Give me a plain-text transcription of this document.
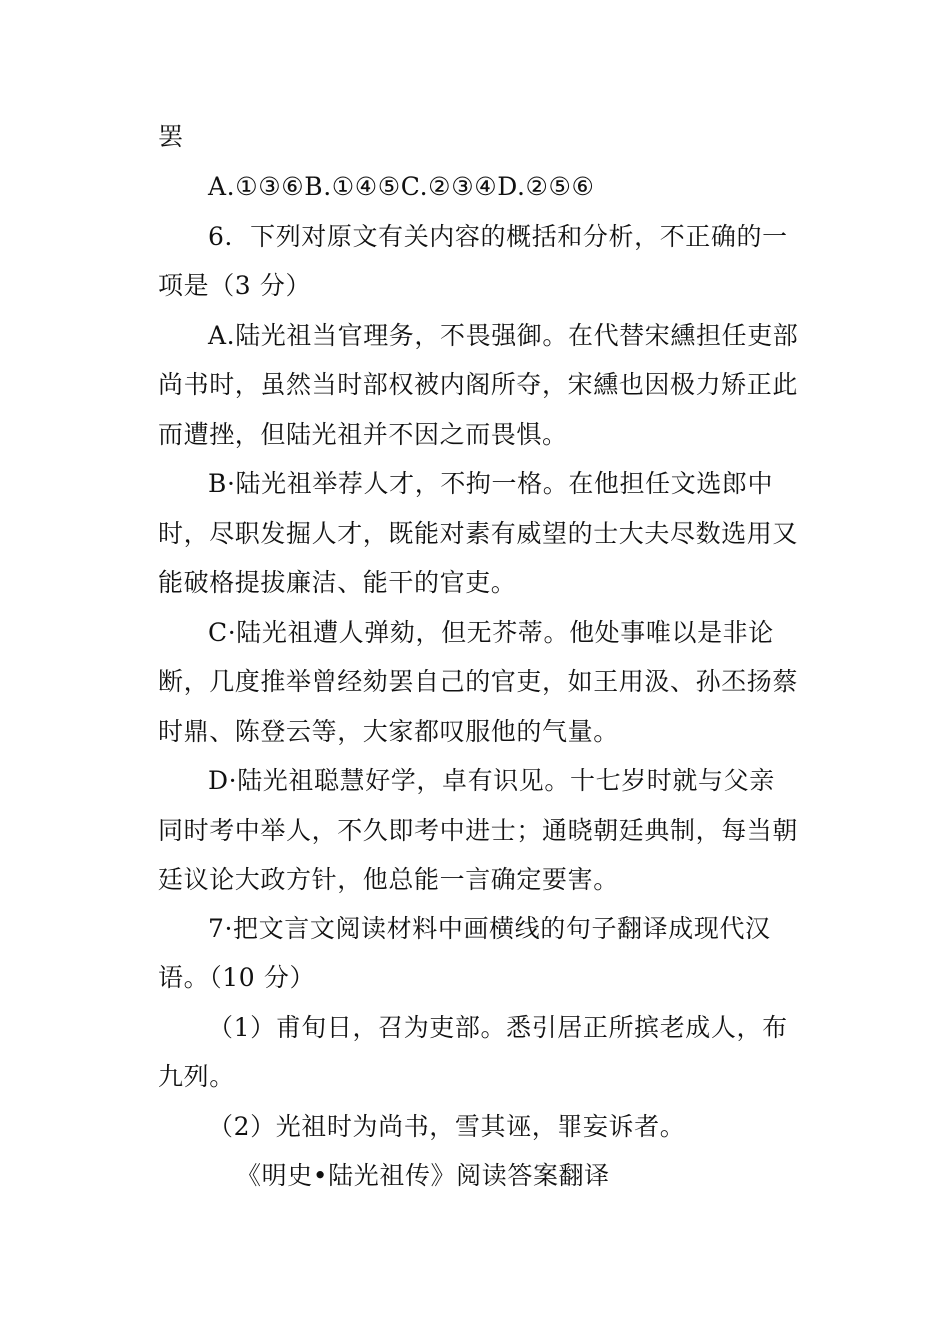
罢
A.①③⑥B.①④⑤C.②③④D.②⑤⑥
6．下列对原文有关内容的概括和分析，不正确的一
项是（3 分）
A.陆光祖当官理务，不畏强御。在代替宋纁担任吏部
尚书时，虽然当时部权被内阁所夺，宋纁也因极力矫正此
而遭挫，但陆光祖并不因之而畏惧。
B·陆光祖举荐人才，不拘一格。在他担任文选郎中
时，尽职发掘人才，既能对素有威望的士大夫尽数选用又
能破格提拔廉洁、能干的官吏。
C·陆光祖遭人弹劾，但无芥蒂。他处事唯以是非论
断，几度推举曾经劾罢自己的官吏，如王用汲、孙丕扬蔡
时鼎、陈登云等，大家都叹服他的气量。
D·陆光祖聪慧好学，卓有识见。十七岁时就与父亲
同时考中举人，不久即考中进士；通晓朝廷典制，每当朝
廷议论大政方针，他总能一言确定要害。
7·把文言文阅读材料中画横线的句子翻译成现代汉
语。（10 分）
（1）甫旬日，召为吏部。悉引居正所摈老成人，布
九列。
（2）光祖时为尚书，雪其诬，罪妄诉者。
《明史•陆光祖传》阅读答案翻译
